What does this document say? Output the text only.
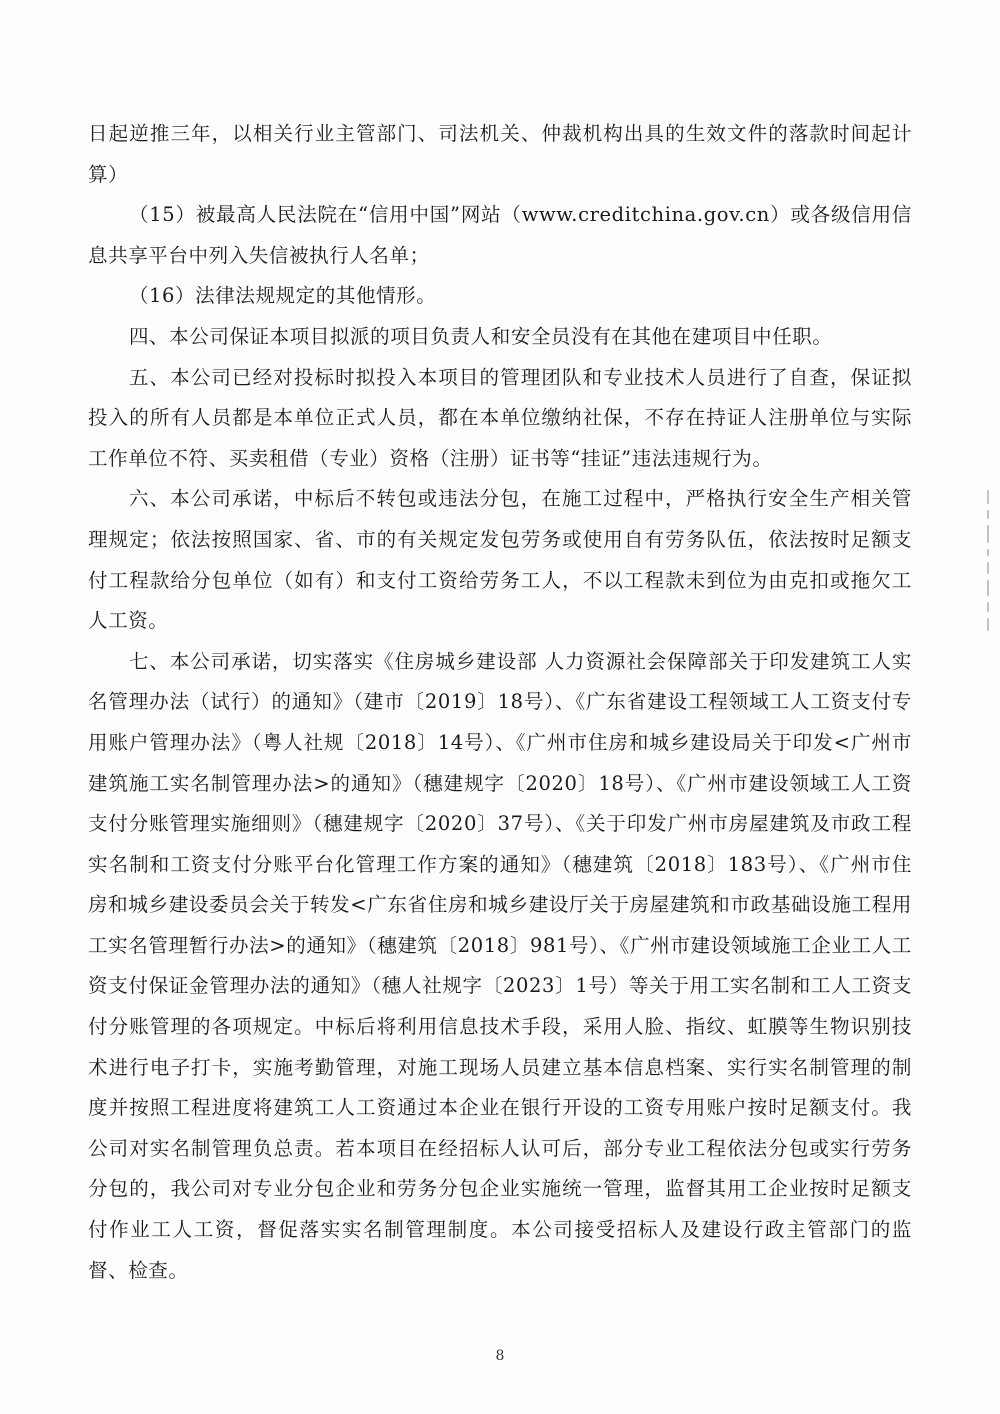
日起逆推三年，以相关行业主管部门、司法机关、仲裁机构出具的生效文件的落款时间起计算）

（15）被最高人民法院在“信用中国”网站（www.creditchina.gov.cn）或各级信用信息共享平台中列入失信被执行人名单；

（16）法律法规规定的其他情形。

四、本公司保证本项目拟派的项目负责人和安全员没有在其他在建项目中任职。

五、本公司已经对投标时拟投入本项目的管理团队和专业技术人员进行了自查，保证拟投入的所有人员都是本单位正式人员，都在本单位缴纳社保，不存在持证人注册单位与实际工作单位不符、买卖租借（专业）资格（注册）证书等“挂证”违法违规行为。

六、本公司承诺，中标后不转包或违法分包，在施工过程中，严格执行安全生产相关管理规定；依法按照国家、省、市的有关规定发包劳务或使用自有劳务队伍，依法按时足额支付工程款给分包单位（如有）和支付工资给劳务工人，不以工程款未到位为由克扣或拖欠工人工资。

七、本公司承诺，切实落实《住房城乡建设部 人力资源社会保障部关于印发建筑工人实名管理办法（试行）的通知》（建市〔2019〕18号）、《广东省建设工程领域工人工资支付专用账户管理办法》（粤人社规〔2018〕14号）、《广州市住房和城乡建设局关于印发<广州市建筑施工实名制管理办法>的通知》（穗建规字〔2020〕18号）、《广州市建设领域工人工资支付分账管理实施细则》（穗建规字〔2020〕37号）、《关于印发广州市房屋建筑及市政工程实名制和工资支付分账平台化管理工作方案的通知》（穗建筑〔2018〕183号）、《广州市住房和城乡建设委员会关于转发<广东省住房和城乡建设厅关于房屋建筑和市政基础设施工程用工实名管理暂行办法>的通知》（穗建筑〔2018〕981号）、《广州市建设领域施工企业工人工资支付保证金管理办法的通知》（穗人社规字〔2023〕1号）等关于用工实名制和工人工资支付分账管理的各项规定。中标后将利用信息技术手段，采用人脸、指纹、虹膜等生物识别技术进行电子打卡，实施考勤管理，对施工现场人员建立基本信息档案、实行实名制管理的制度并按照工程进度将建筑工人工资通过本企业在银行开设的工资专用账户按时足额支付。我公司对实名制管理负总责。若本项目在经招标人认可后，部分专业工程依法分包或实行劳务分包的，我公司对专业分包企业和劳务分包企业实施统一管理，监督其用工企业按时足额支付作业工人工资，督促落实实名制管理制度。本公司接受招标人及建设行政主管部门的监督、检查。

8
